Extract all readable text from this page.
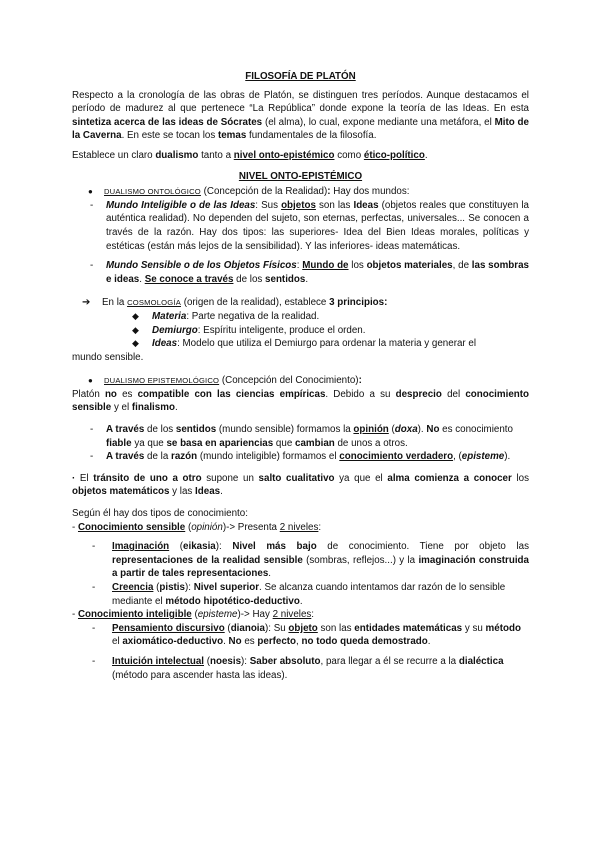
FILOSOFÍA DE PLATÓN

Respecto a la cronología de las obras de Platón, se distinguen tres períodos. Aunque destacamos el período de madurez al que pertenece “La República” donde expone la teoría de las Ideas. En esta sintetiza acerca de las ideas de Sócrates (el alma), lo cual, expone mediante una metáfora, el Mito de la Caverna. En este se tocan los temas fundamentales de la filosofía.

Establece un claro dualismo tanto a nivel onto-epistémico como ético-político.

NIVEL ONTO-EPISTÉMICO

●	DUALISMO ONTOLÓGICO (Concepción de la Realidad): Hay dos mundos:
-	Mundo Inteligible o de las Ideas: Sus objetos son las Ideas (objetos reales que constituyen la auténtica realidad). No dependen del sujeto, son eternas, perfectas, universales... Se conocen a través de la razón. Hay dos tipos: las superiores- Idea del Bien Ideas morales, políticas y estéticas (están más lejos de la sensibilidad). Y las inferiores- ideas matemáticas.
-	Mundo Sensible o de los Objetos Físicos: Mundo de los objetos materiales, de las sombras e ideas. Se conoce a través de los sentidos.
➔	En la COSMOLOGÍA (origen de la realidad), establece 3 principios:
◆	Materia: Parte negativa de la realidad.
◆	Demiurgo: Espíritu inteligente, produce el orden.
◆	Ideas: Modelo que utiliza el Demiurgo para ordenar la materia y generar el

mundo sensible.

●	DUALISMO EPISTEMOLÓGICO (Concepción del Conocimiento):

Platón no es compatible con las ciencias empíricas. Debido a su desprecio del conocimiento sensible y el finalismo.

-	A través de los sentidos (mundo sensible) formamos la opinión (doxa). No es conocimiento fiable ya que se basa en apariencias que cambian de unos a otros.
-	A través de la razón (mundo inteligible) formamos el conocimiento verdadero, (episteme).

· El tránsito de uno a otro supone un salto cualitativo ya que el alma comienza a conocer los objetos matemáticos y las Ideas.

Según él hay dos tipos de conocimiento:

- Conocimiento sensible (opinión)-> Presenta 2 niveles:

-	Imaginación (eikasia): Nivel más bajo de conocimiento. Tiene por objeto las representaciones de la realidad sensible (sombras, reflejos...) y la imaginación construida a partir de tales representaciones.
-	Creencia (pistis): Nivel superior. Se alcanza cuando intentamos dar razón de lo sensible mediante el método hipotético-deductivo.

- Conocimiento inteligible (episteme)-> Hay 2 niveles:

-	Pensamiento discursivo (dianoia): Su objeto son las entidades matemáticas y su método el axiomático-deductivo. No es perfecto, no todo queda demostrado.
-	Intuición intelectual (noesis): Saber absoluto, para llegar a él se recurre a la dialéctica (método para ascender hasta las ideas).
